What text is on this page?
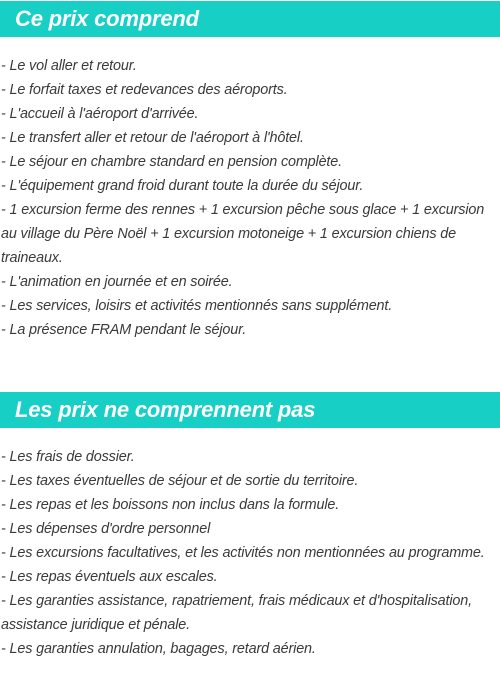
Ce prix comprend
- Le vol aller et retour.
- Le forfait taxes et redevances des aéroports.
- L'accueil à l'aéroport d'arrivée.
- Le transfert aller et retour de l'aéroport à l'hôtel.
- Le séjour en chambre standard en pension complète.
- L'équipement grand froid durant toute la durée du séjour.
- 1 excursion ferme des rennes + 1 excursion pêche sous glace + 1 excursion au village du Père Noël + 1 excursion motoneige + 1 excursion chiens de traineaux.
- L'animation en journée et en soirée.
- Les services, loisirs et activités mentionnés sans supplément.
- La présence FRAM pendant le séjour.
Les prix ne comprennent pas
- Les frais de dossier.
- Les taxes éventuelles de séjour et de sortie du territoire.
- Les repas et les boissons non inclus dans la formule.
- Les dépenses d'ordre personnel
- Les excursions facultatives, et les activités non mentionnées au programme.
- Les repas éventuels aux escales.
- Les garanties assistance, rapatriement, frais médicaux et d'hospitalisation, assistance juridique et pénale.
- Les garanties annulation, bagages, retard aérien.
